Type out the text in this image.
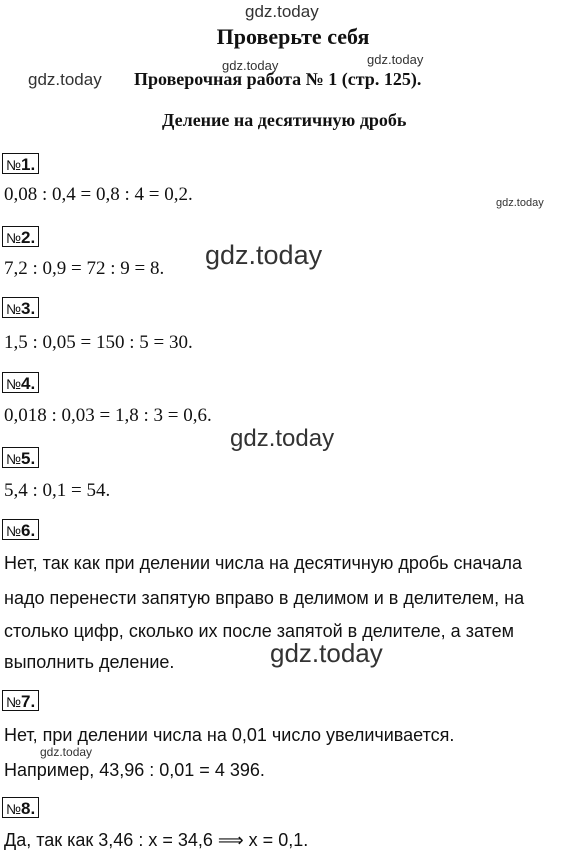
gdz.today
gdz.today	gdz.today
gdz.today
gdz.today
gdz.today
gdz.today
gdz.today
gdz.today
Проверьте себя
Проверочная работа № 1 (стр. 125).
Деление на десятичную дробь
№1.
0,08 : 0,4 = 0,8 : 4 = 0,2.
№2.
7,2 : 0,9 = 72 : 9 = 8.
№3.
1,5 : 0,05 = 150 : 5 = 30.
№4.
0,018 : 0,03 = 1,8 : 3 = 0,6.
№5.
5,4 : 0,1 = 54.
№6.
Нет, так как при делении числа на десятичную дробь сначала
надо перенести запятую вправо в делимом и в делителем, на
столько цифр, сколько их после запятой в делителе, а затем
выполнить деление.
№7.
Нет, при делении числа на 0,01 число увеличивается.
Например, 43,96 : 0,01 = 4 396.
№8.
Да, так как 3,46 : x = 34,6 ⟹ x = 0,1.
